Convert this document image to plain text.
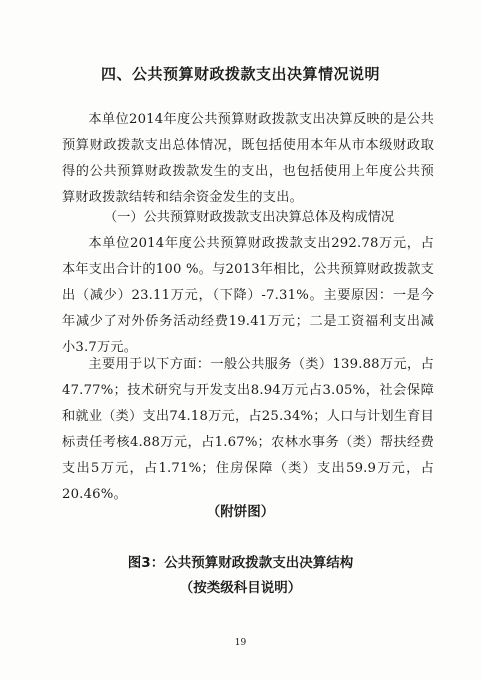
四、公共预算财政拨款支出决算情况说明

本单位2014年度公共预算财政拨款支出决算反映的是公共预算财政拨款支出总体情况，既包括使用本年从市本级财政取得的公共预算财政拨款发生的支出，也包括使用上年度公共预算财政拨款结转和结余资金发生的支出。

（一）公共预算财政拨款支出决算总体及构成情况

本单位2014年度公共预算财政拨款支出292.78万元，占本年支出合计的100 %。与2013年相比，公共预算财政拨款支出（减少）23.11万元，（下降）-7.31%。主要原因：一是今年减少了对外侨务活动经费19.41万元；二是工资福利支出减小3.7万元。

主要用于以下方面：一般公共服务（类）139.88万元，占47.77%；技术研究与开发支出8.94万元占3.05%，社会保障和就业（类）支出74.18万元，占25.34%；人口与计划生育目标责任考核4.88万元，占1.67%；农林水事务（类）帮扶经费支出5万元，占1.71%；住房保障（类）支出59.9万元，占20.46%。

（附饼图）
图3：公共预算财政拨款支出决算结构
（按类级科目说明）
19
